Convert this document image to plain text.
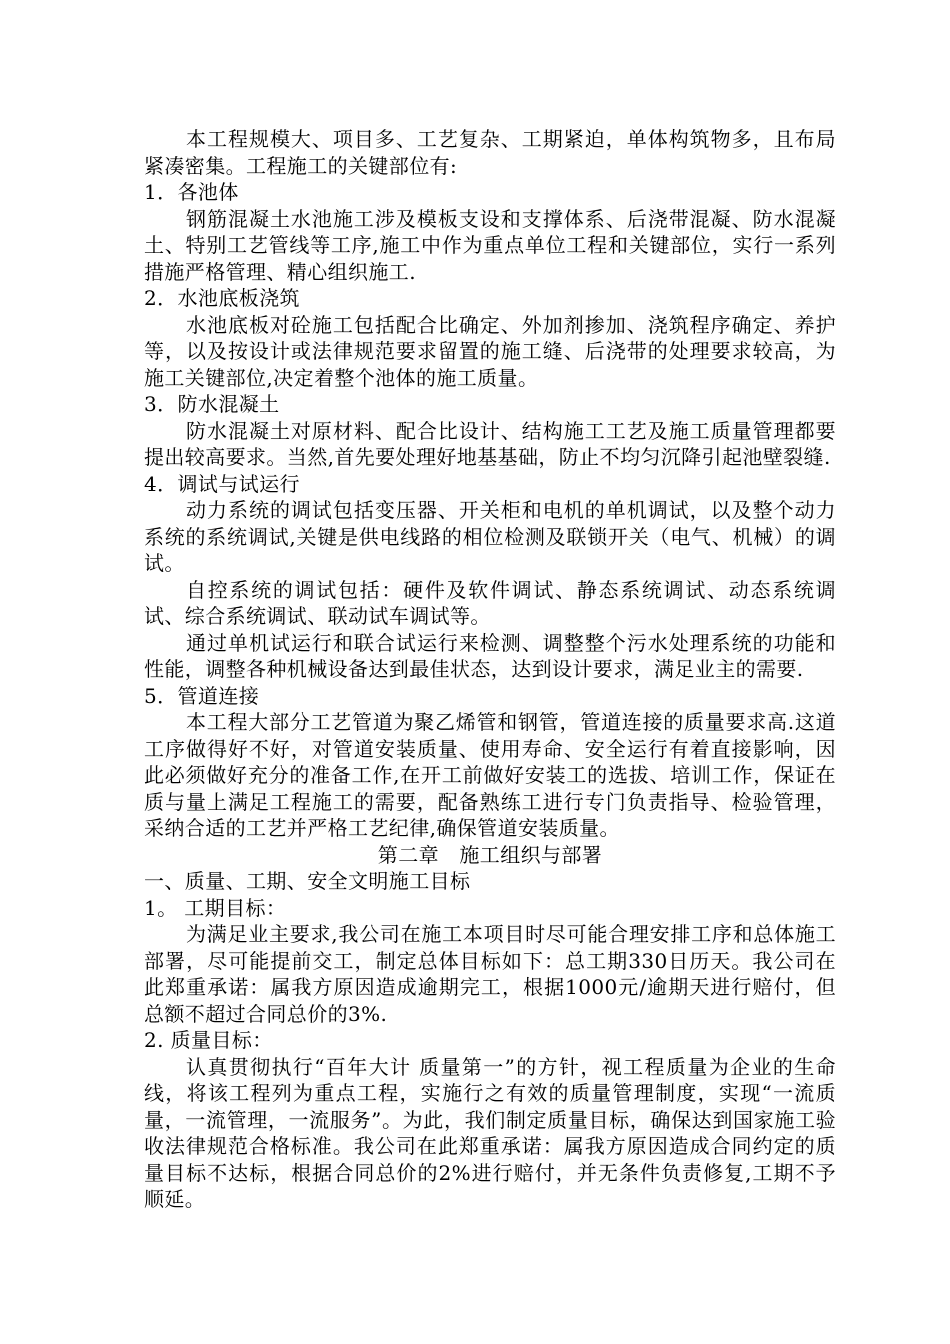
本工程规模大、项目多、工艺复杂、工期紧迫，单体构筑物多，且布局紧凑密集。工程施工的关键部位有:

1．各池体

钢筋混凝土水池施工涉及模板支设和支撑体系、后浇带混凝、防水混凝土、特别工艺管线等工序,施工中作为重点单位工程和关键部位，实行一系列措施严格管理、精心组织施工.

2．水池底板浇筑

水池底板对砼施工包括配合比确定、外加剂掺加、浇筑程序确定、养护等，以及按设计或法律规范要求留置的施工缝、后浇带的处理要求较高，为施工关键部位,决定着整个池体的施工质量。

3．防水混凝土

防水混凝土对原材料、配合比设计、结构施工工艺及施工质量管理都要提出较高要求。当然,首先要处理好地基基础，防止不均匀沉降引起池壁裂缝.

4．调试与试运行

动力系统的调试包括变压器、开关柜和电机的单机调试，以及整个动力系统的系统调试,关键是供电线路的相位检测及联锁开关（电气、机械）的调试。

自控系统的调试包括：硬件及软件调试、静态系统调试、动态系统调试、综合系统调试、联动试车调试等。

通过单机试运行和联合试运行来检测、调整整个污水处理系统的功能和性能，调整各种机械设备达到最佳状态，达到设计要求，满足业主的需要.

5．管道连接

本工程大部分工艺管道为聚乙烯管和钢管，管道连接的质量要求高.这道工序做得好不好，对管道安装质量、使用寿命、安全运行有着直接影响，因此必须做好充分的准备工作,在开工前做好安装工的选拔、培训工作，保证在质与量上满足工程施工的需要，配备熟练工进行专门负责指导、检验管理，采纳合适的工艺并严格工艺纪律,确保管道安装质量。

第二章　施工组织与部署

一、质量、工期、安全文明施工目标

1。 工期目标：

为满足业主要求,我公司在施工本项目时尽可能合理安排工序和总体施工部署，尽可能提前交工，制定总体目标如下：总工期330日历天。我公司在此郑重承诺：属我方原因造成逾期完工，根据1000元/逾期天进行赔付，但总额不超过合同总价的3%.

2. 质量目标：

认真贯彻执行“百年大计 质量第一”的方针，视工程质量为企业的生命线，将该工程列为重点工程，实施行之有效的质量管理制度，实现“一流质量，一流管理，一流服务”。为此，我们制定质量目标，确保达到国家施工验收法律规范合格标准。我公司在此郑重承诺：属我方原因造成合同约定的质量目标不达标，根据合同总价的2%进行赔付，并无条件负责修复,工期不予顺延。
